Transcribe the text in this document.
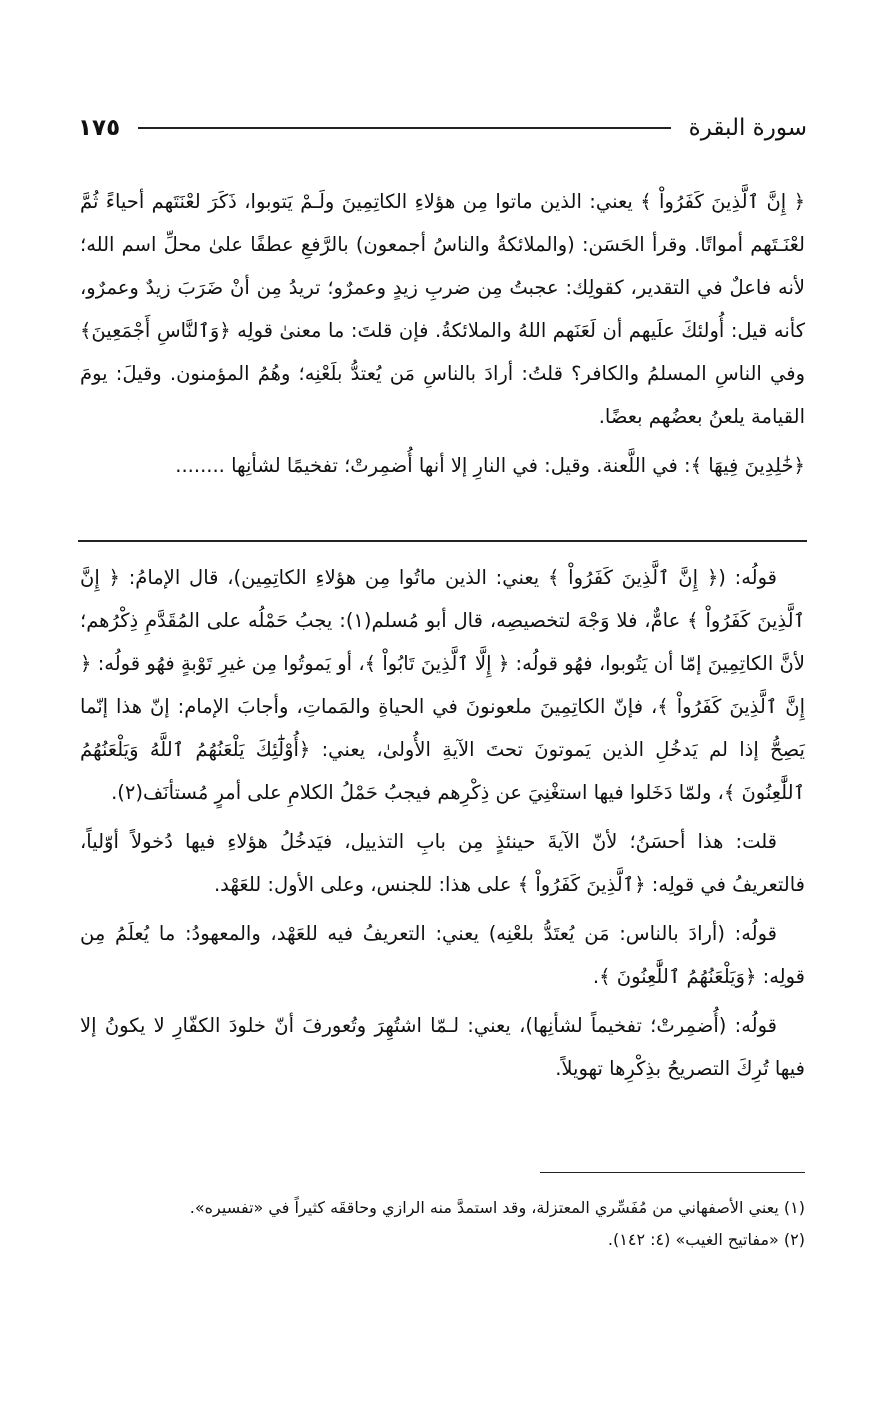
سورة البقرة
١٧٥

﴿ إِنَّ ٱلَّذِينَ كَفَرُواْ ﴾ يعني: الذين ماتوا مِن هؤلاءِ الكاتِمِينَ ولَـمْ يَتوبوا، ذَكَرَ لعْنَتَهم أحياءً ثُمَّ لعْنَـتَهم أمواتًا. وقرأ الحَسَن: (والملائكةُ والناسُ أجمعون) بالرَّفعِ عطفًا علىٰ محلِّ اسم الله؛ لأنه فاعلٌ في التقدير، كقولِك: عجبتُ مِن ضربِ زيدٍ وعمرٌو؛ تريدُ مِن أنْ ضَرَبَ زيدٌ وعمرٌو، كأنه قيل: أُولئكَ علَيهم أن لَعَنَهم اللهُ والملائكةُ. فإن قلتَ: ما معنىٰ قولِه ﴿وَٱلنَّاسِ أَجْمَعِينَ﴾ وفي الناسِ المسلمُ والكافر؟ قلتُ: أرادَ بالناسِ مَن يُعتدُّ بلَعْنِه؛ وهُمُ المؤمنون. وقيلَ: يومَ القيامة يلعنُ بعضُهم بعضًا.

﴿خَٰلِدِينَ فِيهَا ﴾: في اللَّعنة. وقيل: في النارِ إلا أنها أُضمِرتْ؛ تفخيمًا لشأنِها ........

قولُه: (﴿ إِنَّ ٱلَّذِينَ كَفَرُواْ ﴾ يعني: الذين ماتُوا مِن هؤلاءِ الكاتِمِين)، قال الإمامُ: ﴿ إِنَّ ٱلَّذِينَ كَفَرُواْ ﴾ عامٌّ، فلا وَجْهَ لتخصيصِه، قال أبو مُسلم(١): يجبُ حَمْلُه على المُقَدَّمِ ذِكْرُهم؛ لأنَّ الكاتِمِينَ إمّا أن يَتُوبوا، فهُو قولُه: ﴿ إِلَّا ٱلَّذِينَ تَابُواْ ﴾، أو يَموتُوا مِن غيرِ تَوْبةٍ فهُو قولُه: ﴿ إِنَّ ٱلَّذِينَ كَفَرُواْ ﴾، فإنّ الكاتِمِينَ ملعونونَ في الحياةِ والمَماتِ، وأجابَ الإمام: إنّ هذا إنّما يَصِحُّ إذا لم يَدخُلِ الذين يَموتونَ تحتَ الآيةِ الأُولىٰ، يعني: ﴿أُوْلَٰٓئِكَ يَلْعَنُهُمُ ٱللَّهُ وَيَلْعَنُهُمُ ٱللَّٰعِنُونَ ﴾، ولمّا دَخَلوا فيها استغْنِيَ عن ذِكْرِهم فيجبُ حَمْلُ الكلامِ على أمرٍ مُستأنَف(٢).

قلت: هذا أحسَنُ؛ لأنّ الآيةَ حينئذٍ مِن بابِ التذييل، فيَدخُلُ هؤلاءِ فيها دُخولاً أوّلياً، فالتعريفُ في قولِه: ﴿ٱلَّذِينَ كَفَرُواْ ﴾ على هذا: للجنس، وعلى الأول: للعَهْد.

قولُه: (أرادَ بالناس: مَن يُعتَدُّ بلعْنِه) يعني: التعريفُ فيه للعَهْد، والمعهودُ: ما يُعلَمُ مِن قولِه: ﴿وَيَلْعَنُهُمُ ٱللَّٰعِنُونَ ﴾.

قولُه: (أُضمِرتْ؛ تفخيماً لشأنِها)، يعني: لـمّا اشتُهِرَ وتُعورفَ أنّ خلودَ الكفّارِ لا يكونُ إلا فيها تُرِكَ التصريحُ بذِكْرِها تهويلاً.

(١) يعني الأصفهاني من مُفَسِّري المعتزلة، وقد استمدَّ منه الرازي وحاققَه كثيراً في «تفسيره».

(٢) «مفاتيح الغيب» (٤: ١٤٢).
